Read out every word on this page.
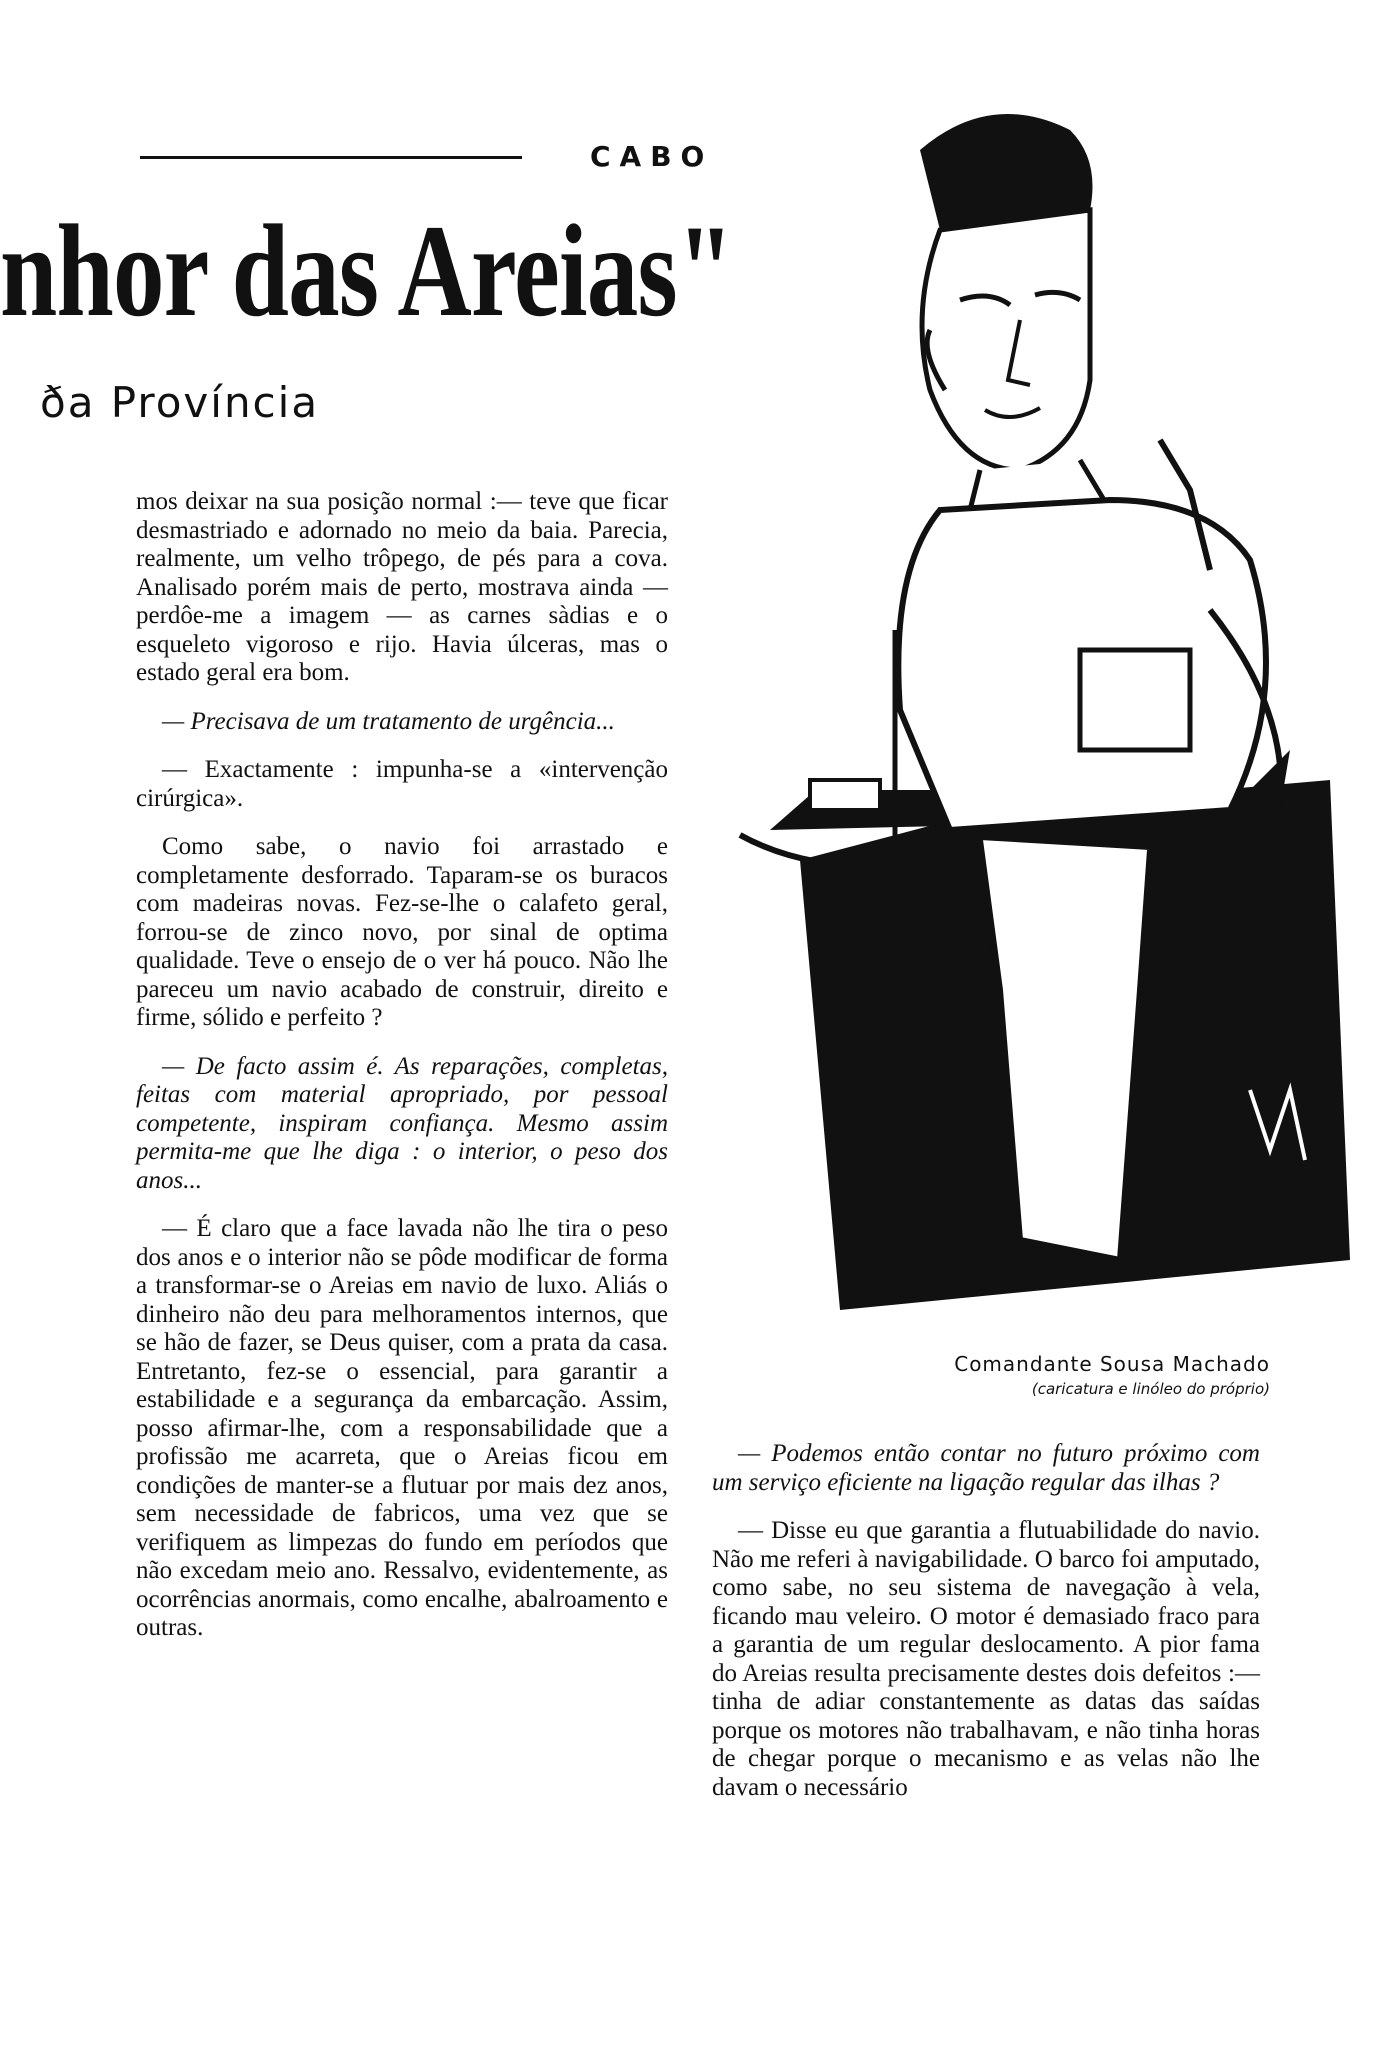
CABO
nhor das Areias"
ða Província

mos deixar na sua posição normal :— teve que ficar desmastriado e adornado no meio da baia. Parecia, realmente, um velho trôpego, de pés para a cova. Analisado porém mais de perto, mostrava ainda — perdôe-me a imagem — as carnes sàdias e o esqueleto vigoroso e rijo. Havia úlceras, mas o estado geral era bom.

— Precisava de um tratamento de urgência...

— Exactamente : impunha-se a «intervenção cirúrgica».

Como sabe, o navio foi arrastado e completamente desforrado. Taparam-se os buracos com madeiras novas. Fez-se-lhe o calafeto geral, forrou-se de zinco novo, por sinal de optima qualidade. Teve o ensejo de o ver há pouco. Não lhe pareceu um navio acabado de construir, direito e firme, sólido e perfeito ?

— De facto assim é. As reparações, completas, feitas com material apropriado, por pessoal competente, inspiram confiança. Mesmo assim permita-me que lhe diga : o interior, o peso dos anos...

— É claro que a face lavada não lhe tira o peso dos anos e o interior não se pôde modificar de forma a transformar-se o Areias em navio de luxo. Aliás o dinheiro não deu para melhoramentos internos, que se hão de fazer, se Deus quiser, com a prata da casa. Entretanto, fez-se o essencial, para garantir a estabilidade e a segurança da embarcação. Assim, posso afirmar-lhe, com a responsabilidade que a profissão me acarreta, que o Areias ficou em condições de manter-se a flutuar por mais dez anos, sem necessidade de fabricos, uma vez que se verifiquem as limpezas do fundo em períodos que não excedam meio ano. Ressalvo, evidentemente, as ocorrências anormais, como encalhe, abalroamento e outras.

Comandante Sousa Machado
(caricatura e linóleo do próprio)

— Podemos então contar no futuro próximo com um serviço eficiente na ligação regular das ilhas ?

— Disse eu que garantia a flutuabilidade do navio. Não me referi à navigabilidade. O barco foi amputado, como sabe, no seu sistema de navegação à vela, ficando mau veleiro. O motor é demasiado fraco para a garantia de um regular deslocamento. A pior fama do Areias resulta precisamente destes dois defeitos :—tinha de adiar constantemente as datas das saídas porque os motores não trabalhavam, e não tinha horas de chegar porque o mecanismo e as velas não lhe davam o necessário
